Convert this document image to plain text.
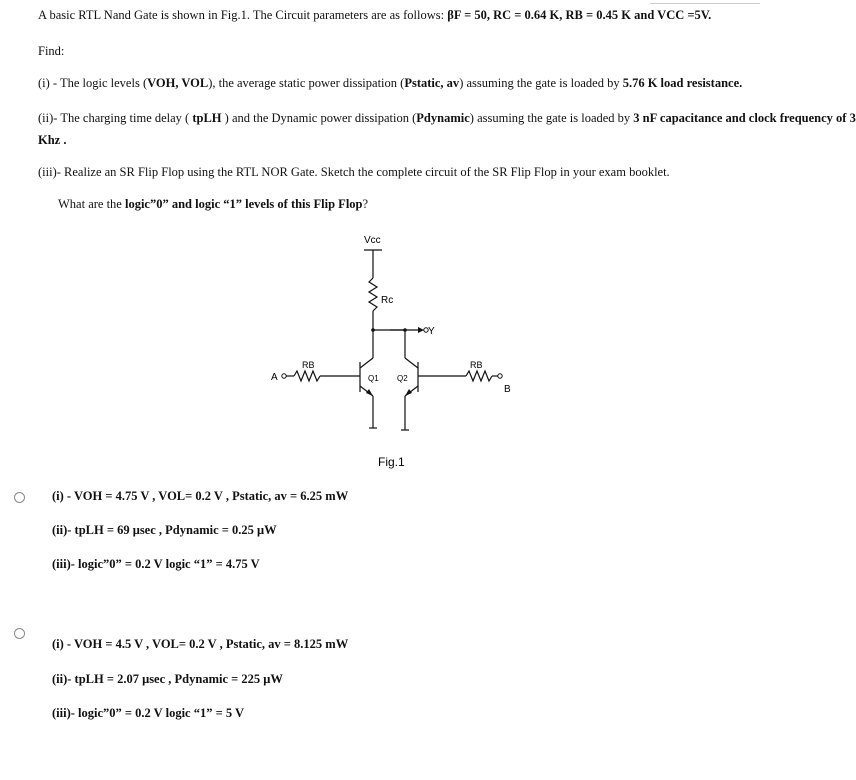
A basic RTL Nand Gate is shown in Fig.1. The Circuit parameters are as follows: βF = 50, RC = 0.64 K, RB = 0.45 K and VCC =5V.
Find:
(i) - The logic levels (VOH, VOL), the average static power dissipation (Pstatic, av) assuming the gate is loaded by 5.76 K load resistance.
(ii)- The charging time delay ( tpLH ) and the Dynamic power dissipation (Pdynamic) assuming the gate is loaded by 3 nF capacitance and clock frequency of 3
Khz .
(iii)- Realize an SR Flip Flop using the RTL NOR Gate. Sketch the complete circuit of the SR Flip Flop in your exam booklet.
What are the logic”0” and logic “1” levels of this Flip Flop?
Vcc
Rc
Y
A
B
RB	RB
Q1 Q2
Fig.1
(i) - VOH = 4.75 V , VOL= 0.2 V , Pstatic, av = 6.25 mW
(ii)- tpLH = 69 μsec , Pdynamic = 0.25 μW
(iii)- logic”0” = 0.2 V logic “1” = 4.75 V
(i) - VOH = 4.5 V , VOL= 0.2 V , Pstatic, av = 8.125 mW
(ii)- tpLH = 2.07 μsec , Pdynamic = 225 μW
(iii)- logic”0” = 0.2 V logic “1” = 5 V
